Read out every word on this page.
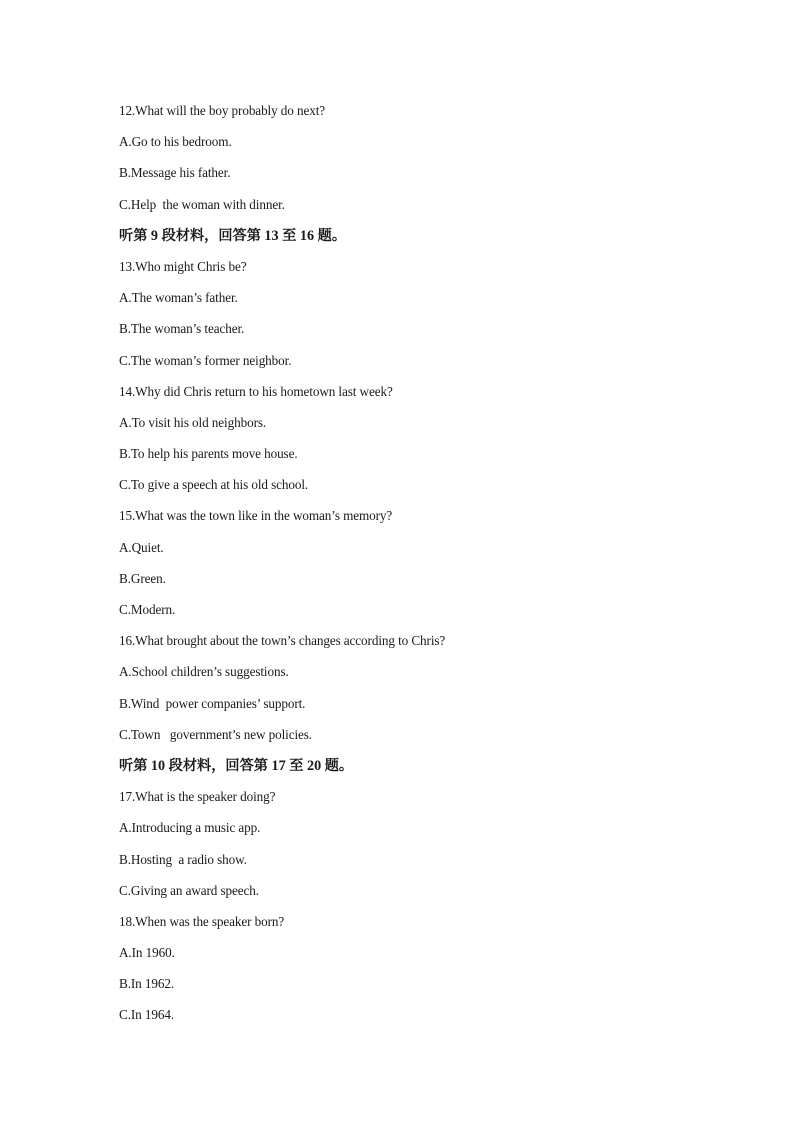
12.What will the boy probably do next?
A.Go to his bedroom.
B.Message his father.
C.Help  the woman with dinner.
听第 9 段材料，回答第 13 至 16 题。
13.Who might Chris be?
A.The woman’s father.
B.The woman’s teacher.
C.The woman’s former neighbor.
14.Why did Chris return to his hometown last week?
A.To visit his old neighbors.
B.To help his parents move house.
C.To give a speech at his old school.
15.What was the town like in the woman’s memory?
A.Quiet.
B.Green.
C.Modern.
16.What brought about the town’s changes according to Chris?
A.School children’s suggestions.
B.Wind  power companies’ support.
C.Town   government’s new policies.
听第 10 段材料，回答第 17 至 20 题。
17.What is the speaker doing?
A.Introducing a music app.
B.Hosting  a radio show.
C.Giving an award speech.
18.When was the speaker born?
A.In 1960.
B.In 1962.
C.In 1964.
